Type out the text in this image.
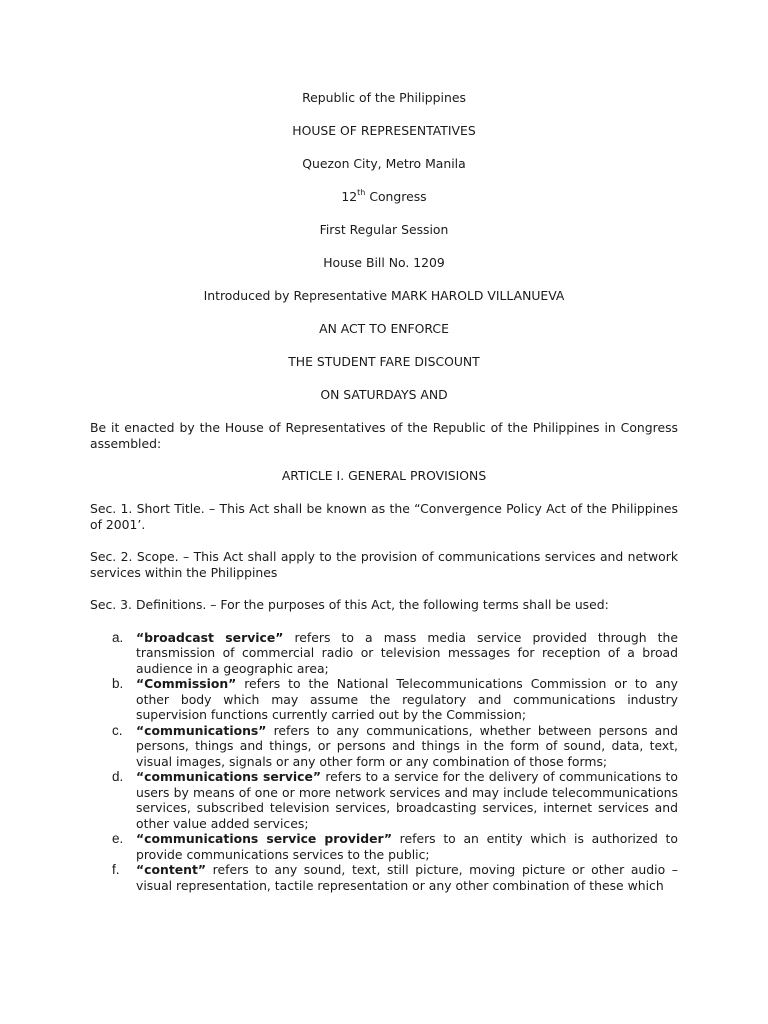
Republic of the Philippines

HOUSE OF REPRESENTATIVES

Quezon City, Metro Manila

12th Congress

First Regular Session

House Bill No. 1209

Introduced by Representative MARK HAROLD VILLANUEVA

AN ACT TO ENFORCE

THE STUDENT FARE DISCOUNT

ON SATURDAYS AND

Be it enacted by the House of Representatives of the Republic of the Philippines in Congress assembled:

ARTICLE I. GENERAL PROVISIONS

Sec. 1. Short Title. – This Act shall be known as the “Convergence Policy Act of the Philippines of 2001’.

Sec. 2. Scope. – This Act shall apply to the provision of communications services and network services within the Philippines

Sec. 3. Definitions. – For the purposes of this Act, the following terms shall be used:

a. “broadcast service” refers to a mass media service provided through the transmission of commercial radio or television messages for reception of a broad audience in a geographic area;
b. “Commission” refers to the National Telecommunications Commission or to any other body which may assume the regulatory and communications industry supervision functions currently carried out by the Commission;
c. “communications” refers to any communications, whether between persons and persons, things and things, or persons and things in the form of sound, data, text, visual images, signals or any other form or any combination of those forms;
d. “communications service” refers to a service for the delivery of communications to users by means of one or more network services and may include telecommunications services, subscribed television services, broadcasting services, internet services and other value added services;
e. “communications service provider” refers to an entity which is authorized to provide communications services to the public;
f. “content” refers to any sound, text, still picture, moving picture or other audio – visual representation, tactile representation or any other combination of these which
